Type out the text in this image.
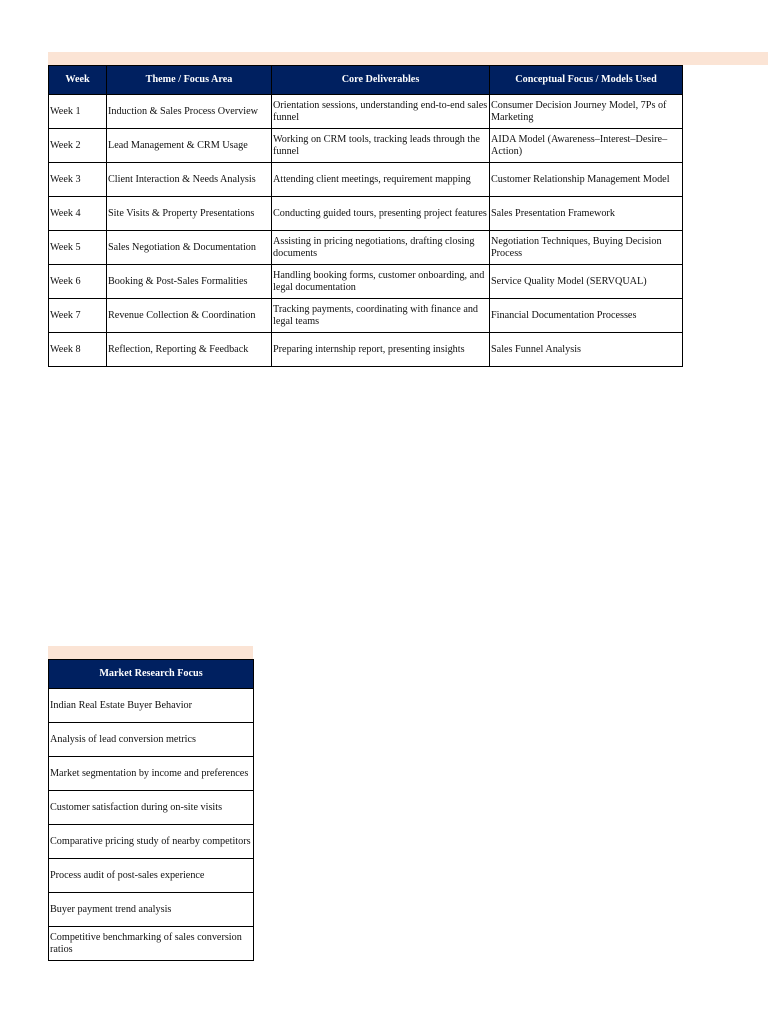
Week	Theme / Focus Area	Core Deliverables	Conceptual Focus / Models Used
Week 1	Induction & Sales Process Overview	Orientation sessions, understanding end-to-end sales funnel	Consumer Decision Journey Model, 7Ps of Marketing
Week 2	Lead Management & CRM Usage	Working on CRM tools, tracking leads through the funnel	AIDA Model (Awareness–Interest–Desire–Action)
Week 3	Client Interaction & Needs Analysis	Attending client meetings, requirement mapping	Customer Relationship Management Model
Week 4	Site Visits & Property Presentations	Conducting guided tours, presenting project features	Sales Presentation Framework
Week 5	Sales Negotiation & Documentation	Assisting in pricing negotiations, drafting closing documents	Negotiation Techniques, Buying Decision Process
Week 6	Booking & Post-Sales Formalities	Handling booking forms, customer onboarding, and legal documentation	Service Quality Model (SERVQUAL)
Week 7	Revenue Collection & Coordination	Tracking payments, coordinating with finance and legal teams	Financial Documentation Processes
Week 8	Reflection, Reporting & Feedback	Preparing internship report, presenting insights	Sales Funnel Analysis
Market Research Focus
Indian Real Estate Buyer Behavior
Analysis of lead conversion metrics
Market segmentation by income and preferences
Customer satisfaction during on-site visits
Comparative pricing study of nearby competitors
Process audit of post-sales experience
Buyer payment trend analysis
Competitive benchmarking of sales conversion ratios
